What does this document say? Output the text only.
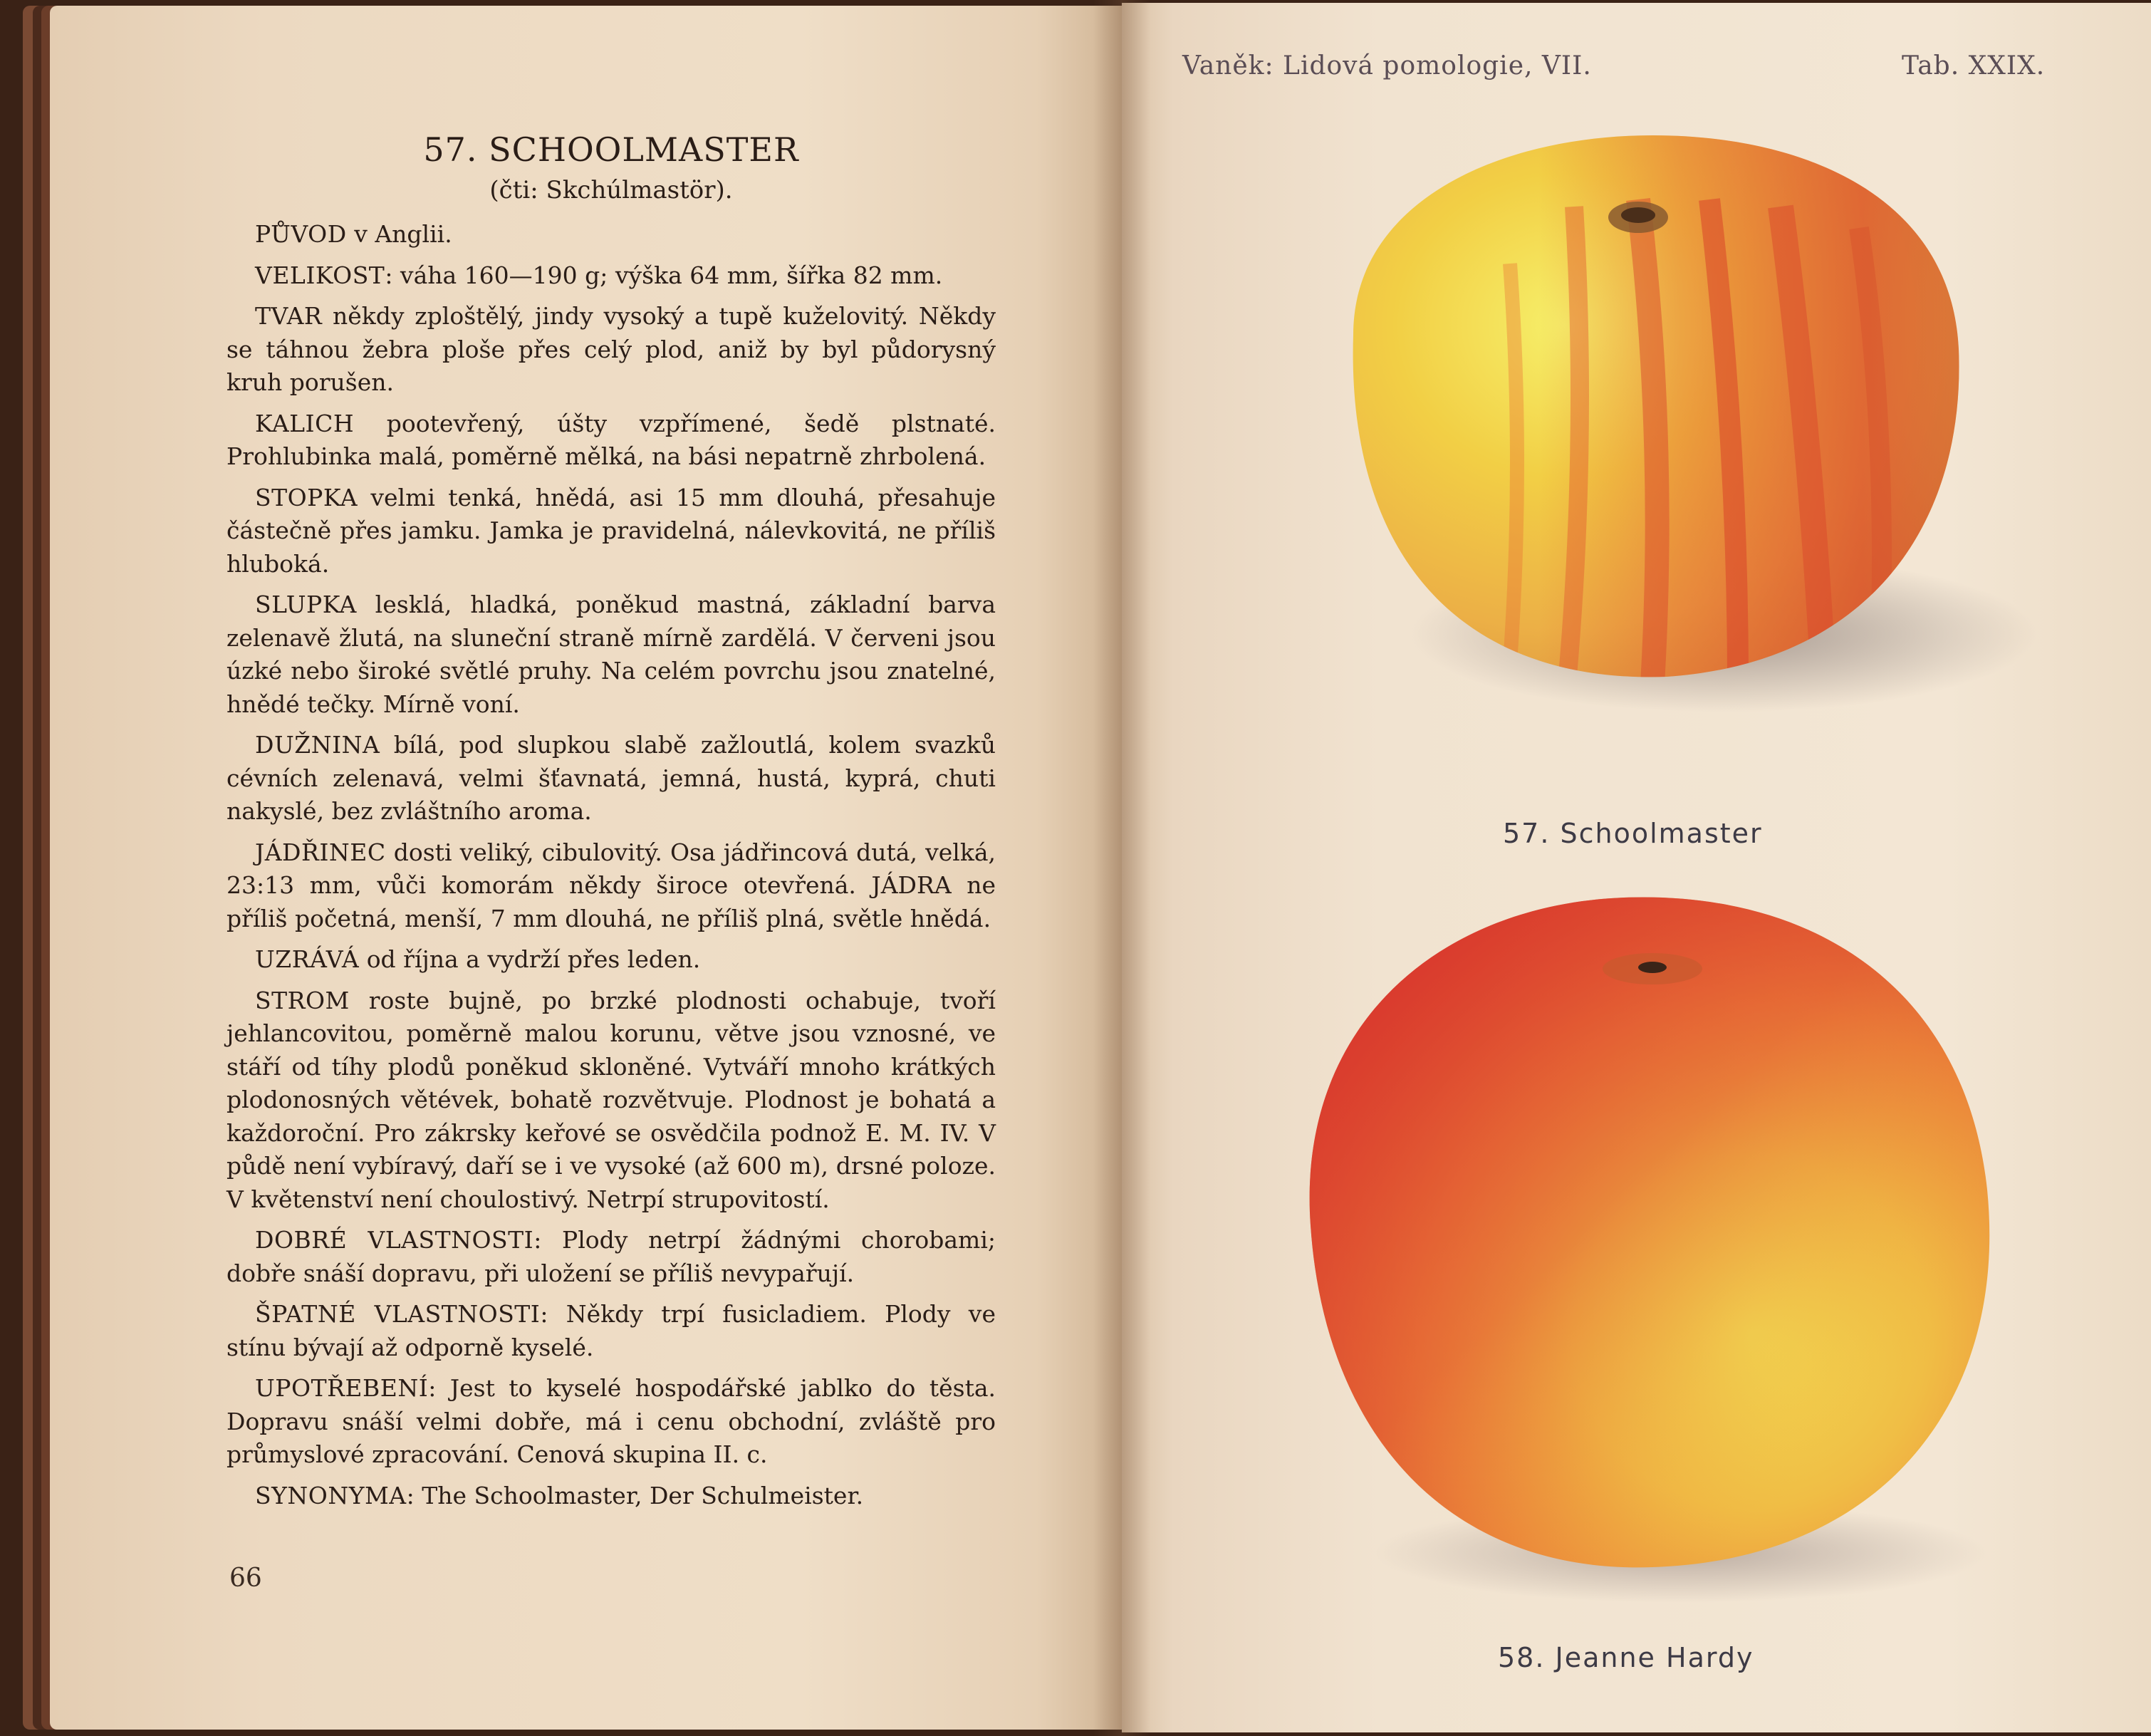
57. SCHOOLMASTER

(čti: Skchúlmastör).

PŮVOD v Anglii.

VELIKOST: váha 160—190 g; výška 64 mm, šířka 82 mm.

TVAR někdy zploštělý, jindy vysoký a tupě kuželovitý. Někdy se táhnou žebra ploše přes celý plod, aniž by byl půdorysný kruh porušen.

KALICH pootevřený, úšty vzpřímené, šedě plstnaté. Prohlubinka malá, poměrně mělká, na bási nepatrně zhrbolená.

STOPKA velmi tenká, hnědá, asi 15 mm dlouhá, přesahuje částečně přes jamku. Jamka je pravidelná, nálevkovitá, ne příliš hluboká.

SLUPKA lesklá, hladká, poněkud mastná, základní barva zelenavě žlutá, na sluneční straně mírně zardělá. V červeni jsou úzké nebo široké světlé pruhy. Na celém povrchu jsou znatelné, hnědé tečky. Mírně voní.

DUŽNINA bílá, pod slupkou slabě zažloutlá, kolem svazků cévních zelenavá, velmi šťavnatá, jemná, hustá, kyprá, chuti nakyslé, bez zvláštního aroma.

JÁDŘINEC dosti veliký, cibulovitý. Osa jádřincová dutá, velká, 23:13 mm, vůči komorám někdy široce otevřená. JÁDRA ne příliš početná, menší, 7 mm dlouhá, ne příliš plná, světle hnědá.

UZRÁVÁ od října a vydrží přes leden.

STROM roste bujně, po brzké plodnosti ochabuje, tvoří jehlancovitou, poměrně malou korunu, větve jsou vznosné, ve stáří od tíhy plodů poněkud skloněné. Vytváří mnoho krátkých plodonosných větévek, bohatě rozvětvuje. Plodnost je bohatá a každoroční. Pro zákrsky keřové se osvědčila podnož E. M. IV. V půdě není vybíravý, daří se i ve vysoké (až 600 m), drsné poloze. V květenství není choulostivý. Netrpí strupovitostí.

DOBRÉ VLASTNOSTI: Plody netrpí žádnými chorobami; dobře snáší dopravu, při uložení se příliš nevypařují.

ŠPATNÉ VLASTNOSTI: Někdy trpí fusicladiem. Plody ve stínu bývají až odporně kyselé.

UPOTŘEBENÍ: Jest to kyselé hospodářské jablko do těsta. Dopravu snáší velmi dobře, má i cenu obchodní, zvláště pro průmyslové zpracování. Cenová skupina II. c.

SYNONYMA: The Schoolmaster, Der Schulmeister.

66
Vaněk: Lidová pomologie, VII.	Tab. XXIX.
57. Schoolmaster
58. Jeanne Hardy
